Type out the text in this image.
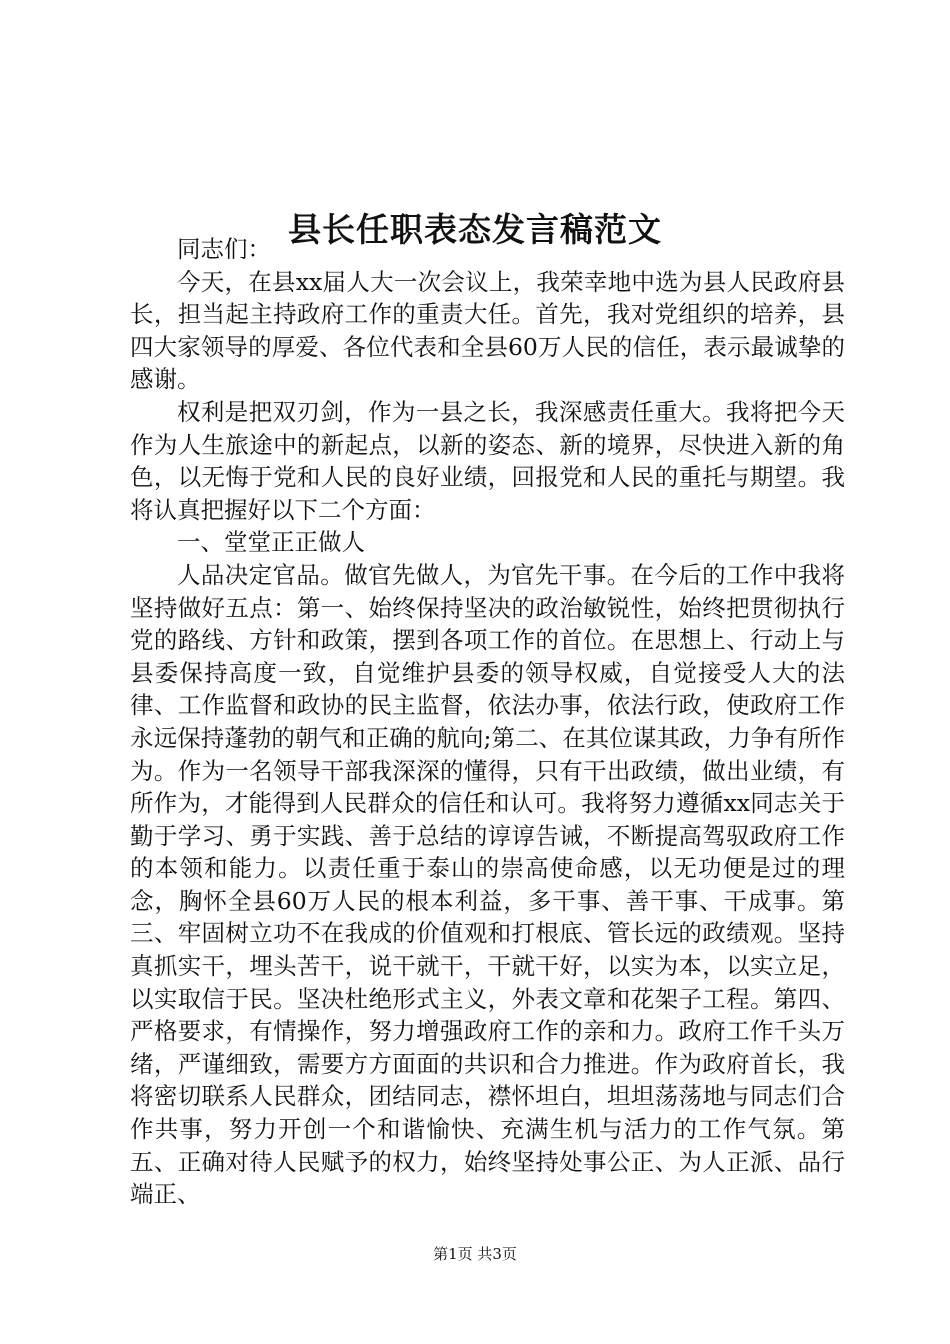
县长任职表态发言稿范文

同志们：

今天，在县xx届人大一次会议上，我荣幸地中选为县人民政府县长，担当起主持政府工作的重责大任。首先，我对党组织的培养，县四大家领导的厚爱、各位代表和全县60万人民的信任，表示最诚挚的感谢。

权利是把双刃剑，作为一县之长，我深感责任重大。我将把今天作为人生旅途中的新起点，以新的姿态、新的境界，尽快进入新的角色，以无悔于党和人民的良好业绩，回报党和人民的重托与期望。我将认真把握好以下二个方面：

一、堂堂正正做人

人品决定官品。做官先做人，为官先干事。在今后的工作中我将坚持做好五点：第一、始终保持坚决的政治敏锐性，始终把贯彻执行党的路线、方针和政策，摆到各项工作的首位。在思想上、行动上与县委保持高度一致，自觉维护县委的领导权威，自觉接受人大的法律、工作监督和政协的民主监督，依法办事，依法行政，使政府工作永远保持蓬勃的朝气和正确的航向;第二、在其位谋其政，力争有所作为。作为一名领导干部我深深的懂得，只有干出政绩，做出业绩，有所作为，才能得到人民群众的信任和认可。我将努力遵循xx同志关于勤于学习、勇于实践、善于总结的谆谆告诫，不断提高驾驭政府工作的本领和能力。以责任重于泰山的崇高使命感，以无功便是过的理念，胸怀全县60万人民的根本利益，多干事、善干事、干成事。第三、牢固树立功不在我成的价值观和打根底、管长远的政绩观。坚持真抓实干，埋头苦干，说干就干，干就干好，以实为本，以实立足，以实取信于民。坚决杜绝形式主义，外表文章和花架子工程。第四、严格要求，有情操作，努力增强政府工作的亲和力。政府工作千头万绪，严谨细致，需要方方面面的共识和合力推进。作为政府首长，我将密切联系人民群众，团结同志，襟怀坦白，坦坦荡荡地与同志们合作共事，努力开创一个和谐愉快、充满生机与活力的工作气氛。第五、正确对待人民赋予的权力，始终坚持处事公正、为人正派、品行端正、

第1页 共3页
